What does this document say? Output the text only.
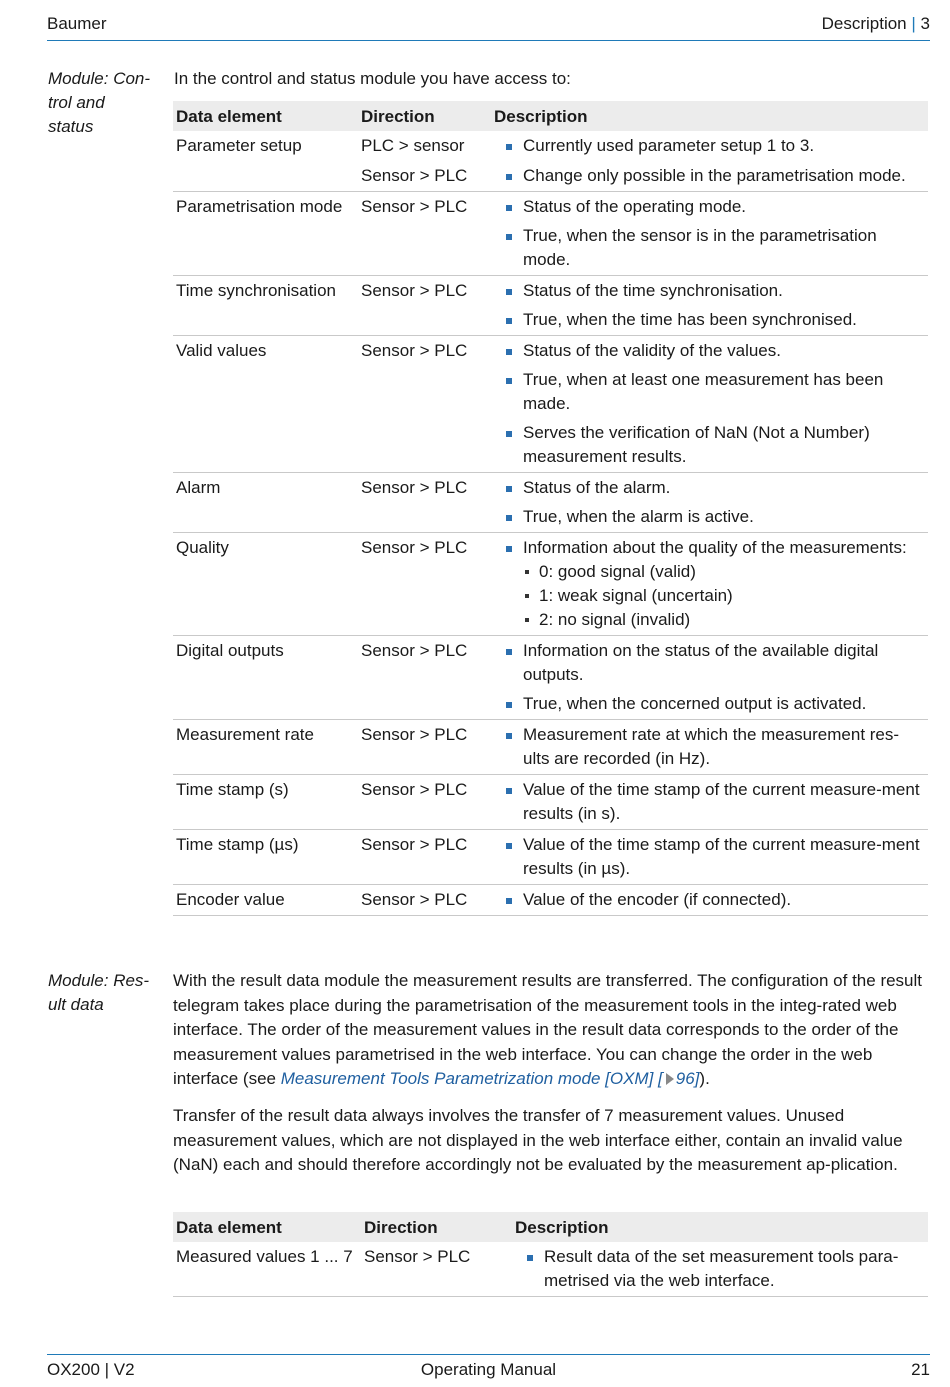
Baumer	Description | 3
Module: Con-
trol and
status
In the control and status module you have access to:
Data element	Direction	Description
Parameter setup	PLC > sensor	Currently used parameter setup 1 to 3.

	Sensor > PLC	Change only possible in the parametrisation mode.

Parametrisation mode	Sensor > PLC	Status of the operating mode.
True, when the sensor is in the parametrisation mode.

Time synchronisation	Sensor > PLC	Status of the time synchronisation.
True, when the time has been synchronised.

Valid values	Sensor > PLC	Status of the validity of the values.
True, when at least one measurement has been made.
Serves the verification of NaN (Not a Number) measurement results.

Alarm	Sensor > PLC	Status of the alarm.
True, when the alarm is active.

Quality	Sensor > PLC	Information about the quality of the measurements:
0: good signal (valid)
1: weak signal (uncertain)
2: no signal (invalid)

Digital outputs	Sensor > PLC	Information on the status of the available digital outputs.
True, when the concerned output is activated.

Measurement rate	Sensor > PLC	Measurement rate at which the measurement res-ults are recorded (in Hz).

Time stamp (s)	Sensor > PLC	Value of the time stamp of the current measure-ment results (in s).

Time stamp (µs)	Sensor > PLC	Value of the time stamp of the current measure-ment results (in µs).

Encoder value	Sensor > PLC	Value of the encoder (if connected).
Module: Res-
ult data

With the result data module the measurement results are transferred. The configuration of the result telegram takes place during the parametrisation of the measurement tools in the integ-rated web interface. The order of the measurement values in the result data corresponds to the order of the measurement values parametrised in the web interface. You can change the order in the web interface (see Measurement Tools Parametrization mode [OXM] [ 96]).

Transfer of the result data always involves the transfer of 7 measurement values. Unused measurement values, which are not displayed in the web interface either, contain an invalid value (NaN) each and should therefore accordingly not be evaluated by the measurement ap-plication.

Data element	Direction	Description
Measured values 1 ... 7	Sensor > PLC	Result data of the set measurement tools para-metrised via the web interface.
OX200 | V2	Operating Manual	21
